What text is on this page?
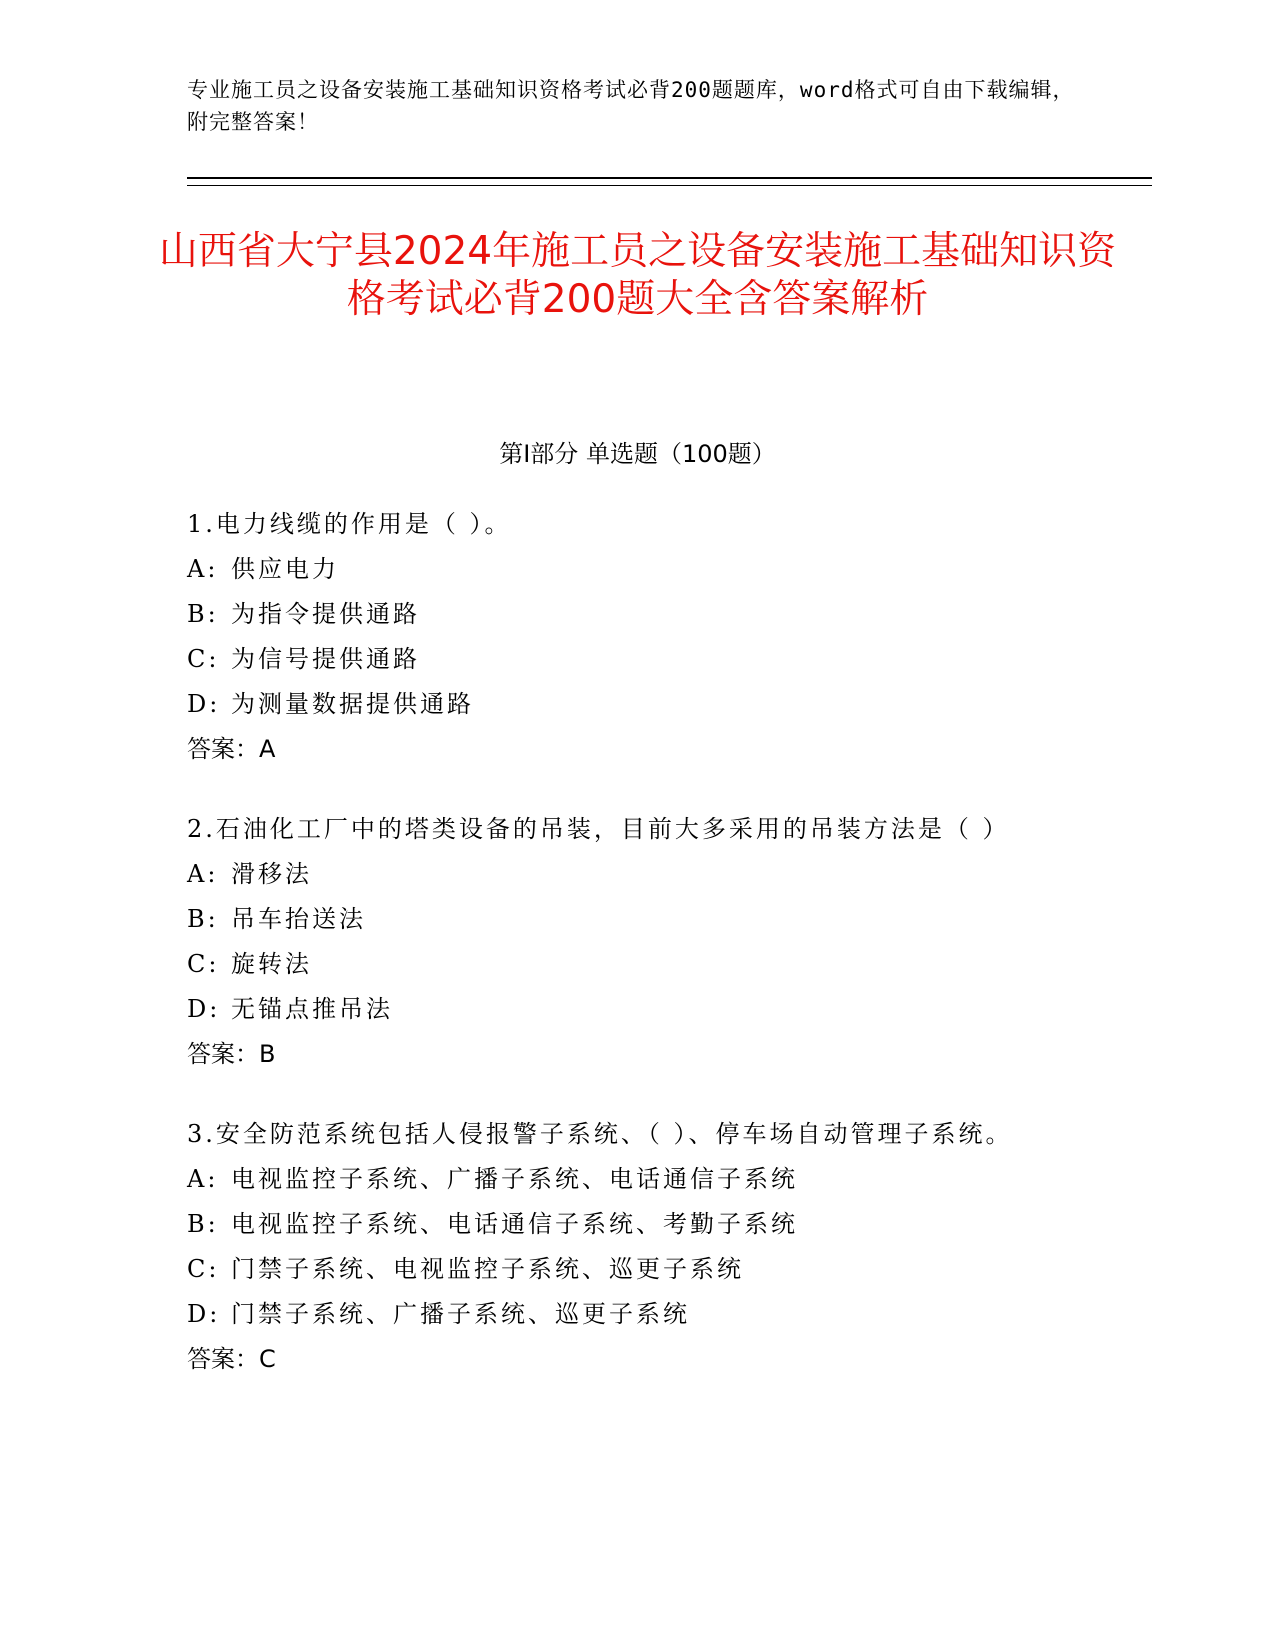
专业施工员之设备安装施工基础知识资格考试必背200题题库，word格式可自由下载编辑，附完整答案！
山西省大宁县2024年施工员之设备安装施工基础知识资格考试必背200题大全含答案解析
第I部分 单选题（100题）

1.电力线缆的作用是（ ）。

A: 供应电力

B: 为指令提供通路

C: 为信号提供通路

D: 为测量数据提供通路

答案：A

2.石油化工厂中的塔类设备的吊装，目前大多采用的吊装方法是（ ）

A: 滑移法

B: 吊车抬送法

C: 旋转法

D: 无锚点推吊法

答案：B

3.安全防范系统包括人侵报警子系统、（ ）、停车场自动管理子系统。

A: 电视监控子系统、广播子系统、电话通信子系统

B: 电视监控子系统、电话通信子系统、考勤子系统

C: 门禁子系统、电视监控子系统、巡更子系统

D: 门禁子系统、广播子系统、巡更子系统

答案：C
